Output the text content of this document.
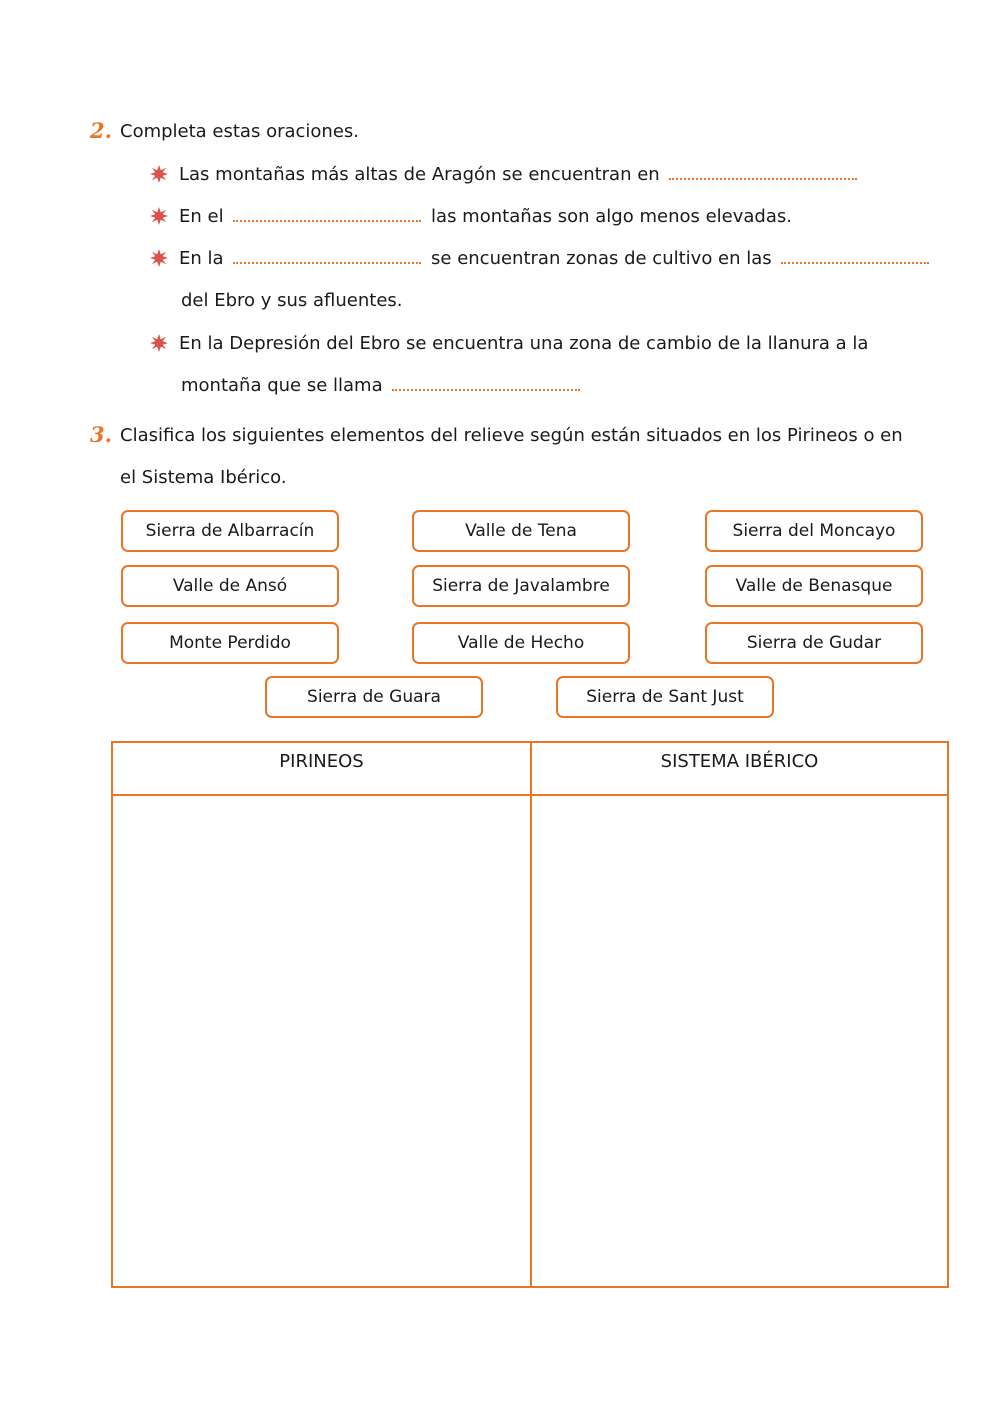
2. Completa estas oraciones.
Las montañas más altas de Aragón se encuentran en
En el	las montañas son algo menos elevadas.
En la	se encuentran zonas de cultivo en las
del Ebro y sus afluentes.
En la Depresión del Ebro se encuentra una zona de cambio de la llanura a la
montaña que se llama
3. Clasifica los siguientes elementos del relieve según están situados en los Pirineos o en
el Sistema Ibérico.
Sierra de Albarracín	Valle de Tena	Sierra del Moncayo
Valle de Ansó	Sierra de Javalambre	Valle de Benasque
Monte Perdido	Valle de Hecho	Sierra de Gudar
Sierra de Guara	Sierra de Sant Just
PIRINEOS	SISTEMA IBÉRICO
